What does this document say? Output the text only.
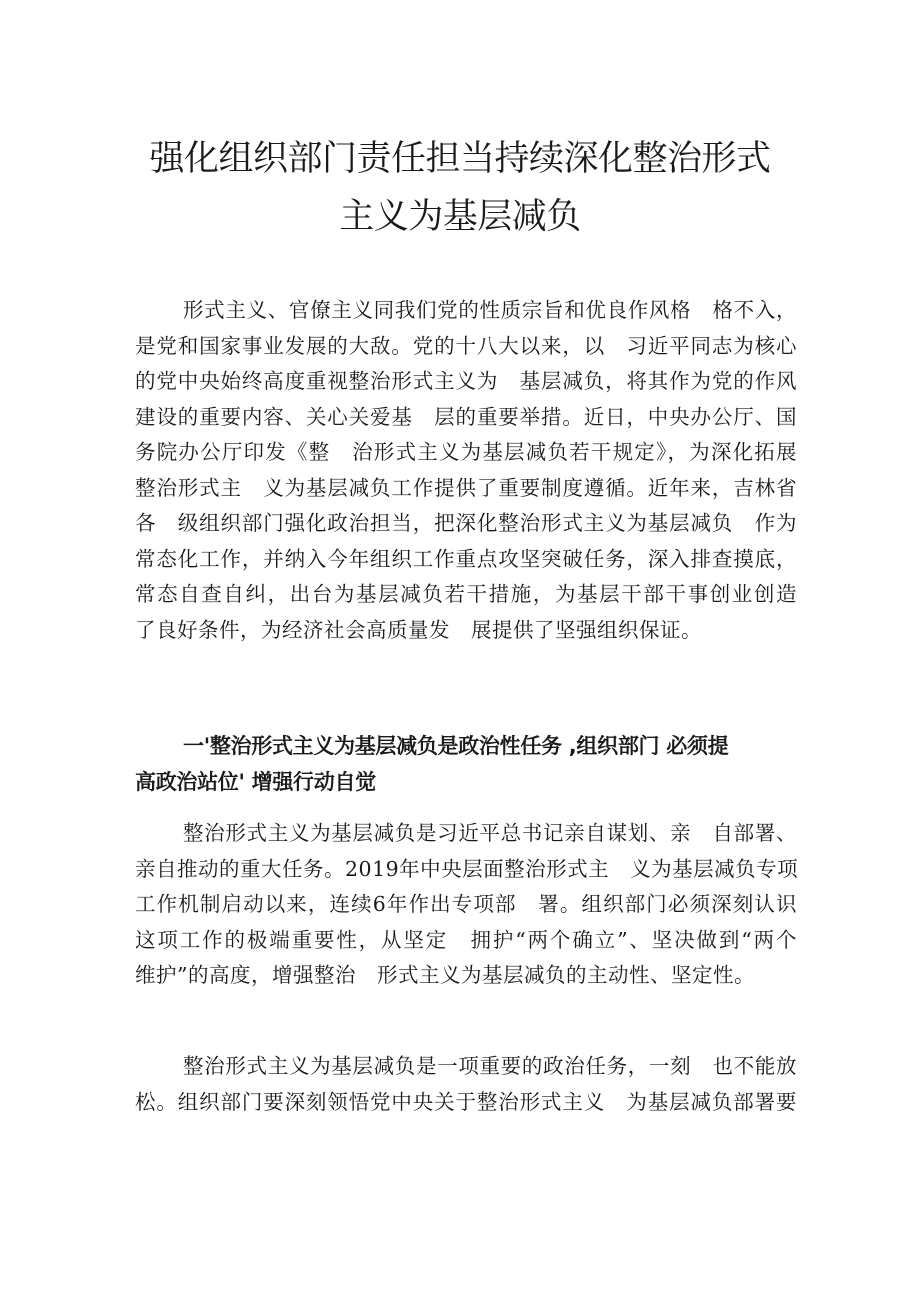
强化组织部门责任担当持续深化整治形式
主义为基层减负
形式主义、官僚主义同我们党的性质宗旨和优良作风格　格不入，
是党和国家事业发展的大敌。党的十八大以来，以　习近平同志为核心
的党中央始终高度重视整治形式主义为　基层减负，将其作为党的作风
建设的重要内容、关心关爱基　层的重要举措。近日，中央办公厅、国
务院办公厅印发《整　治形式主义为基层减负若干规定》，为深化拓展
整治形式主　义为基层减负工作提供了重要制度遵循。近年来，吉林省
各　级组织部门强化政治担当，把深化整治形式主义为基层减负　作为
常态化工作，并纳入今年组织工作重点攻坚突破任务，深入排查摸底，
常态自查自纠，出台为基层减负若干措施，为基层干部干事创业创造
了良好条件，为经济社会高质量发　展提供了坚强组织保证。
一'整治形式主义为基层减负是政治性任务 ,组织部门 必须提
高政治站位' 增强行动自觉
整治形式主义为基层减负是习近平总书记亲自谋划、亲　自部署、
亲自推动的重大任务。2019年中央层面整治形式主　义为基层减负专项
工作机制启动以来，连续6年作出专项部　署。组织部门必须深刻认识
这项工作的极端重要性，从坚定　拥护“两个确立”、坚决做到“两个
维护”的高度，增强整治　形式主义为基层减负的主动性、坚定性。
整治形式主义为基层减负是一项重要的政治任务，一刻　也不能放
松。组织部门要深刻领悟党中央关于整治形式主义　为基层减负部署要
